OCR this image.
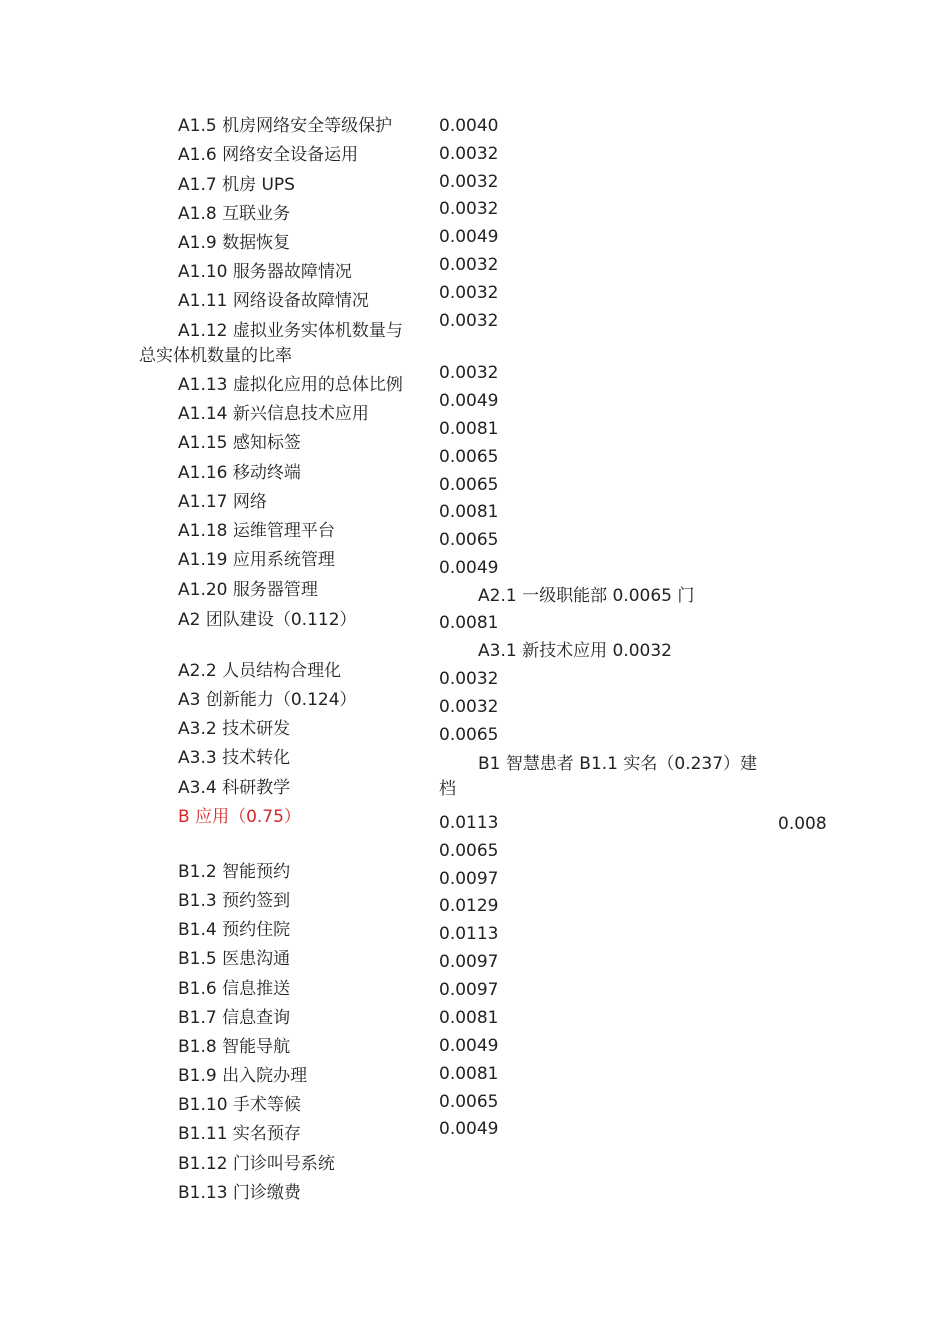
A1.5 机房网络安全等级保护
A1.6 网络安全设备运用
A1.7 机房 UPS
A1.8 互联业务
A1.9 数据恢复
A1.10 服务器故障情况
A1.11 网络设备故障情况
A1.12 虚拟业务实体机数量与
总实体机数量的比率
A1.13 虚拟化应用的总体比例
A1.14 新兴信息技术应用
A1.15 感知标签
A1.16 移动终端
A1.17 网络
A1.18 运维管理平台
A1.19 应用系统管理
A1.20 服务器管理
A2 团队建设（0.112）
A2.2 人员结构合理化
A3 创新能力（0.124）
A3.2 技术研发
A3.3 技术转化
A3.4 科研教学
B 应用（0.75）
B1.2 智能预约
B1.3 预约签到
B1.4 预约住院
B1.5 医患沟通
B1.6 信息推送
B1.7 信息查询
B1.8 智能导航
B1.9 出入院办理
B1.10 手术等候
B1.11 实名预存
B1.12 门诊叫号系统
B1.13 门诊缴费
0.0040
0.0032
0.0032
0.0032
0.0049
0.0032
0.0032
0.0032
0.0032
0.0049
0.0081
0.0065
0.0065
0.0081
0.0065
0.0049
A2.1 一级职能部 0.0065 门
0.0081
A3.1 新技术应用 0.0032
0.0032
0.0032
0.0065
B1 智慧患者 B1.1 实名（0.237）建
档
0.0113
0.0065
0.0097
0.0129
0.0113
0.0097
0.0097
0.0081
0.0049
0.0081
0.0065
0.0049
0.008
